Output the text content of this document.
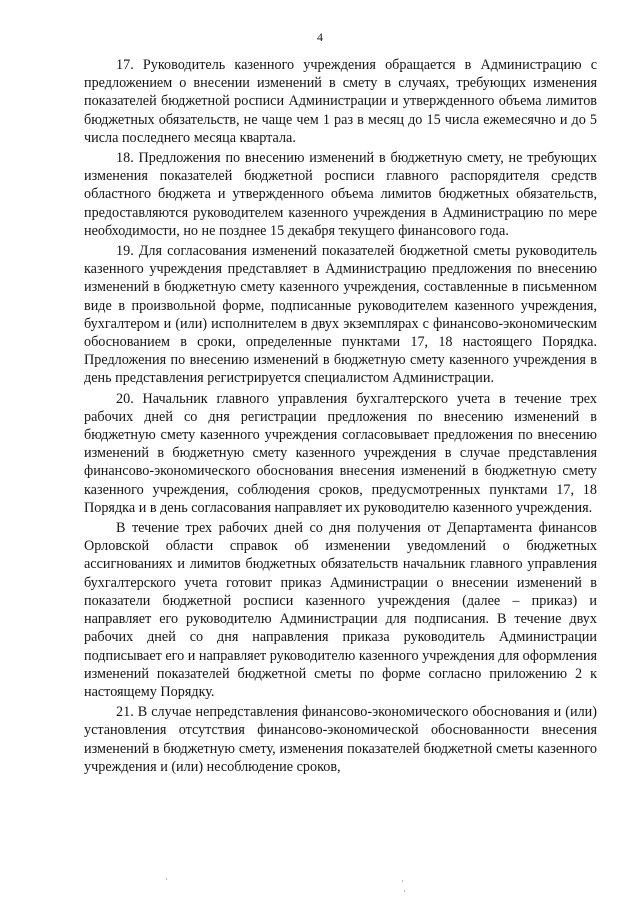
4

17. Руководитель казенного учреждения обращается в Администрацию с предложением о внесении изменений в смету в случаях, требующих изменения показателей бюджетной росписи Администрации и утвержденного объема лимитов бюджетных обязательств, не чаще чем 1 раз в месяц до 15 числа ежемесячно и до 5 числа последнего месяца квартала.

18. Предложения по внесению изменений в бюджетную смету, не требующих изменения показателей бюджетной росписи главного распорядителя средств областного бюджета и утвержденного объема лимитов бюджетных обязательств, предоставляются руководителем казенного учреждения в Администрацию по мере необходимости, но не позднее 15 декабря текущего финансового года.

19. Для согласования изменений показателей бюджетной сметы руководитель казенного учреждения представляет в Администрацию предложения по внесению изменений в бюджетную смету казенного учреждения, составленные в письменном виде в произвольной форме, подписанные руководителем казенного учреждения, бухгалтером и (или) исполнителем в двух экземплярах с финансово-экономическим обоснованием в сроки, определенные пунктами 17, 18 настоящего Порядка. Предложения по внесению изменений в бюджетную смету казенного учреждения в день представления регистрируется специалистом Администрации.

20. Начальник главного управления бухгалтерского учета в течение трех рабочих дней со дня регистрации предложения по внесению изменений в бюджетную смету казенного учреждения согласовывает предложения по внесению изменений в бюджетную смету казенного учреждения в случае представления финансово-экономического обоснования внесения изменений в бюджетную смету казенного учреждения, соблюдения сроков, предусмотренных пунктами 17, 18 Порядка и в день согласования направляет их руководителю казенного учреждения.

В течение трех рабочих дней со дня получения от Департамента финансов Орловской области справок об изменении уведомлений о бюджетных ассигнованиях и лимитов бюджетных обязательств начальник главного управления бухгалтерского учета готовит приказ Администрации о внесении изменений в показатели бюджетной росписи казенного учреждения (далее – приказ) и направляет его руководителю Администрации для подписания. В течение двух рабочих дней со дня направления приказа руководитель Администрации подписывает его и направляет руководителю казенного учреждения для оформления изменений показателей бюджетной сметы по форме согласно приложению 2 к настоящему Порядку.

21. В случае непредставления финансово-экономического обоснования и (или) установления отсутствия финансово-экономической обоснованности внесения изменений в бюджетную смету, изменения показателей бюджетной сметы казенного учреждения и (или) несоблюдение сроков,
